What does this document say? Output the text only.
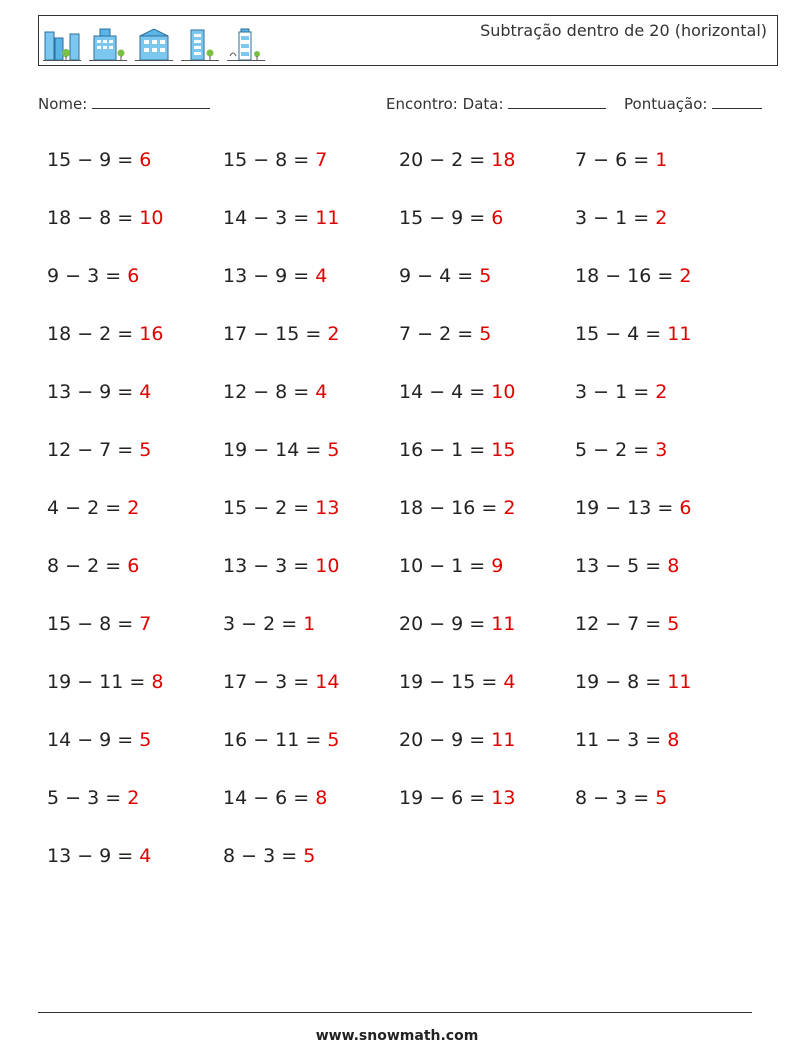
Subtração dentro de 20 (horizontal)
Nome:	Encontro: Data:	Pontuação:
15 − 9 = 6	15 − 8 = 7	20 − 2 = 18	7 − 6 = 1
18 − 8 = 10	14 − 3 = 11	15 − 9 = 6	3 − 1 = 2
9 − 3 = 6	13 − 9 = 4	9 − 4 = 5	18 − 16 = 2
18 − 2 = 16	17 − 15 = 2	7 − 2 = 5	15 − 4 = 11
13 − 9 = 4	12 − 8 = 4	14 − 4 = 10	3 − 1 = 2
12 − 7 = 5	19 − 14 = 5	16 − 1 = 15	5 − 2 = 3
4 − 2 = 2	15 − 2 = 13	18 − 16 = 2	19 − 13 = 6
8 − 2 = 6	13 − 3 = 10	10 − 1 = 9	13 − 5 = 8
15 − 8 = 7	3 − 2 = 1	20 − 9 = 11	12 − 7 = 5
19 − 11 = 8	17 − 3 = 14	19 − 15 = 4	19 − 8 = 11
14 − 9 = 5	16 − 11 = 5	20 − 9 = 11	11 − 3 = 8
5 − 3 = 2	14 − 6 = 8	19 − 6 = 13	8 − 3 = 5
13 − 9 = 4	8 − 3 = 5
www.snowmath.com
